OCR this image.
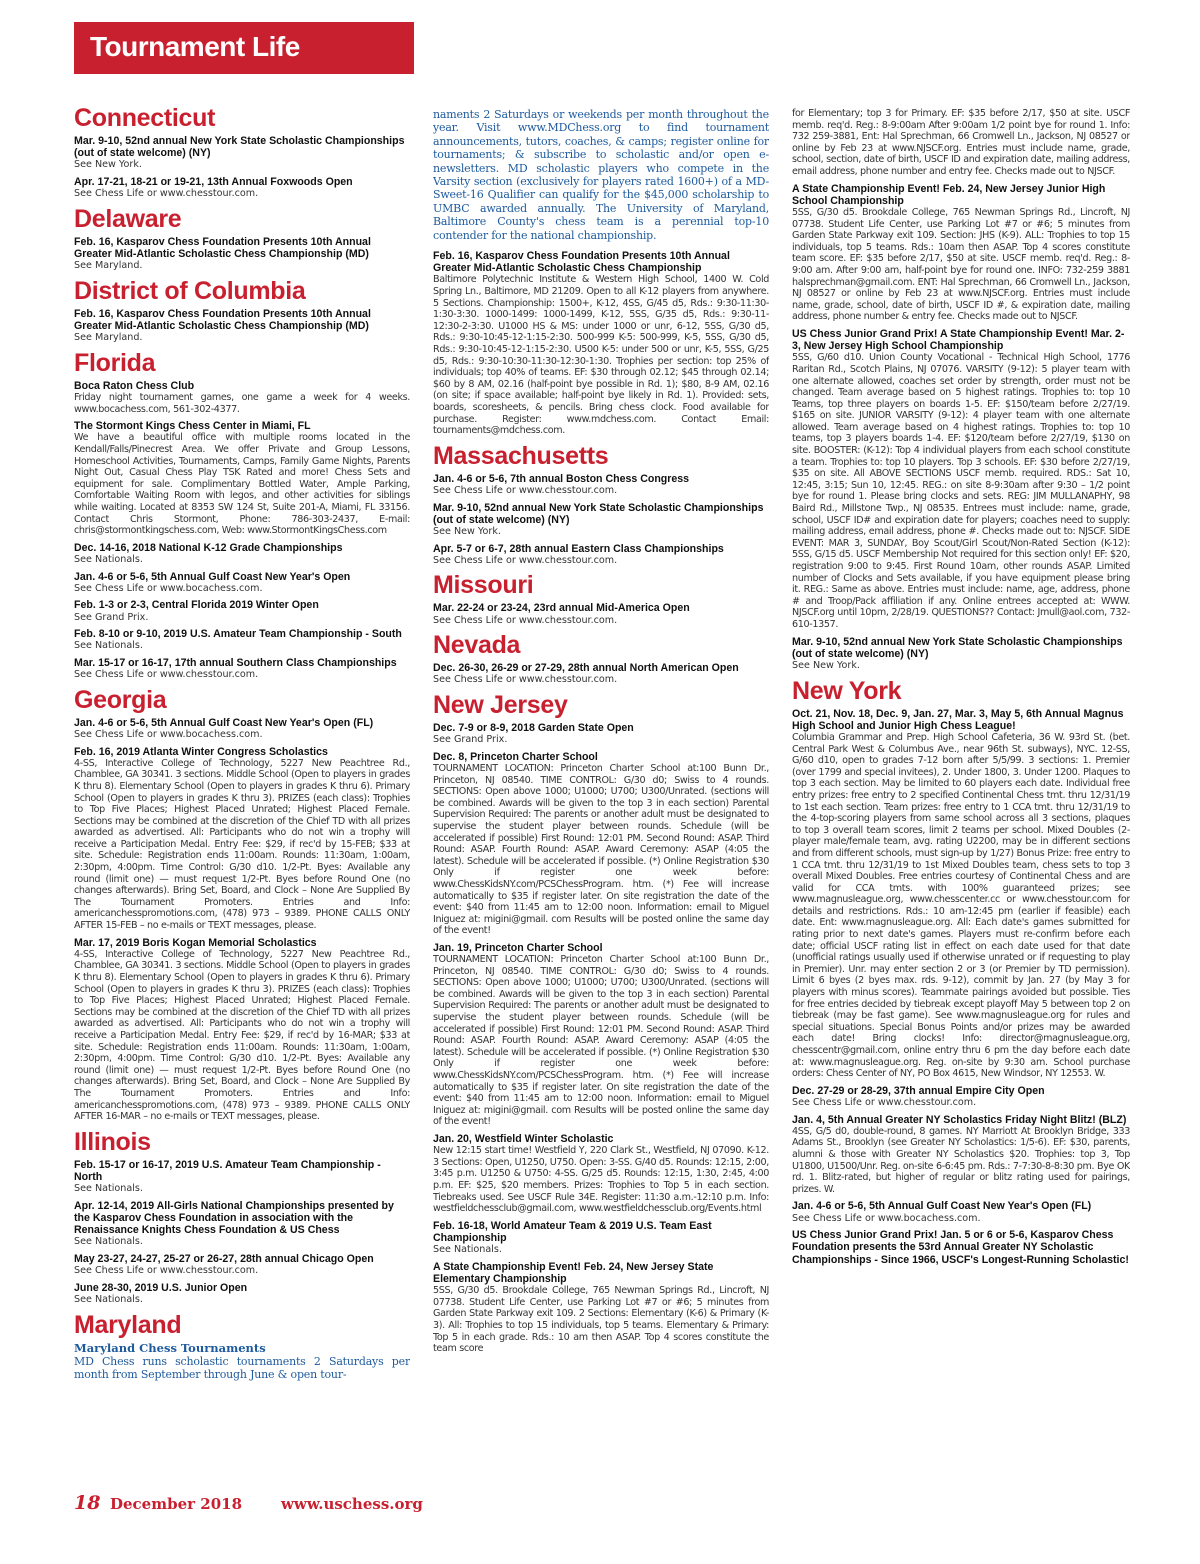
Tournament Life
Connecticut
Mar. 9-10, 52nd annual New York State Scholastic Championships (out of state welcome) (NY)
See New York.
Apr. 17-21, 18-21 or 19-21, 13th Annual Foxwoods Open
See Chess Life or www.chesstour.com.
Delaware
Feb. 16, Kasparov Chess Foundation Presents 10th Annual Greater Mid-Atlantic Scholastic Chess Championship (MD)
See Maryland.
District of Columbia
Feb. 16, Kasparov Chess Foundation Presents 10th Annual Greater Mid-Atlantic Scholastic Chess Championship (MD)
See Maryland.
Florida
Boca Raton Chess Club
Friday night tournament games, one game a week for 4 weeks. www.bocachess.com, 561-302-4377.
The Stormont Kings Chess Center in Miami, FL
We have a beautiful office with multiple rooms located in the Kendall/Falls/Pinecrest Area. We offer Private and Group Lessons, Homeschool Activities, Tournaments, Camps, Family Game Nights, Parents Night Out, Casual Chess Play TSK Rated and more! Chess Sets and equipment for sale. Complimentary Bottled Water, Ample Parking, Comfortable Waiting Room with legos, and other activities for siblings while waiting. Located at 8353 SW 124 St, Suite 201-A, Miami, FL 33156. Contact Chris Stormont, Phone: 786-303-2437, E-mail: chris@stormontkingschess.com, Web: www.StormontKingsChess.com
Dec. 14-16, 2018 National K-12 Grade Championships
See Nationals.
Jan. 4-6 or 5-6, 5th Annual Gulf Coast New Year's Open
See Chess Life or www.bocachess.com.
Feb. 1-3 or 2-3, Central Florida 2019 Winter Open
See Grand Prix.
Feb. 8-10 or 9-10, 2019 U.S. Amateur Team Championship - South
See Nationals.
Mar. 15-17 or 16-17, 17th annual Southern Class Championships
See Chess Life or www.chesstour.com.
Georgia
Jan. 4-6 or 5-6, 5th Annual Gulf Coast New Year's Open (FL)
See Chess Life or www.bocachess.com.
Feb. 16, 2019 Atlanta Winter Congress Scholastics
4-SS, Interactive College of Technology, 5227 New Peachtree Rd., Chamblee, GA 30341. 3 sections. Middle School (Open to players in grades K thru 8). Elementary School (Open to players in grades K thru 6). Primary School (Open to players in grades K thru 3). PRIZES (each class): Trophies to Top Five Places; Highest Placed Unrated; Highest Placed Female. Sections may be combined at the discretion of the Chief TD with all prizes awarded as advertised. All: Participants who do not win a trophy will receive a Participation Medal. Entry Fee: $29, if rec'd by 15-FEB; $33 at site. Schedule: Registration ends 11:00am. Rounds: 11:30am, 1:00am, 2:30pm, 4:00pm. Time Control: G/30 d10. 1/2-Pt. Byes: Available any round (limit one) — must request 1/2-Pt. Byes before Round One (no changes afterwards). Bring Set, Board, and Clock – None Are Supplied By The Tournament Promoters. Entries and Info: americanchesspromotions.com, (478) 973 – 9389. PHONE CALLS ONLY AFTER 15-FEB – no e-mails or TEXT messages, please.
Mar. 17, 2019 Boris Kogan Memorial Scholastics
4-SS, Interactive College of Technology, 5227 New Peachtree Rd., Chamblee, GA 30341. 3 sections. Middle School (Open to players in grades K thru 8). Elementary School (Open to players in grades K thru 6). Primary School (Open to players in grades K thru 3). PRIZES (each class): Trophies to Top Five Places; Highest Placed Unrated; Highest Placed Female. Sections may be combined at the discretion of the Chief TD with all prizes awarded as advertised. All: Participants who do not win a trophy will receive a Participation Medal. Entry Fee: $29, if rec'd by 16-MAR; $33 at site. Schedule: Registration ends 11:00am. Rounds: 11:30am, 1:00am, 2:30pm, 4:00pm. Time Control: G/30 d10. 1/2-Pt. Byes: Available any round (limit one) — must request 1/2-Pt. Byes before Round One (no changes afterwards). Bring Set, Board, and Clock – None Are Supplied By The Tournament Promoters. Entries and Info: americanchesspromotions.com, (478) 973 – 9389. PHONE CALLS ONLY AFTER 16-MAR – no e-mails or TEXT messages, please.
Illinois
Feb. 15-17 or 16-17, 2019 U.S. Amateur Team Championship - North
See Nationals.
Apr. 12-14, 2019 All-Girls National Championships presented by the Kasparov Chess Foundation in association with the Renaissance Knights Chess Foundation & US Chess
See Nationals.
May 23-27, 24-27, 25-27 or 26-27, 28th annual Chicago Open
See Chess Life or www.chesstour.com.
June 28-30, 2019 U.S. Junior Open
See Nationals.
Maryland
Maryland Chess Tournaments
MD Chess runs scholastic tournaments 2 Saturdays per month from September through June & open tour-
naments 2 Saturdays or weekends per month throughout the year. Visit www.MDChess.org to find tournament announcements, tutors, coaches, & camps; register online for tournaments; & subscribe to scholastic and/or open e-newsletters. MD scholastic players who compete in the Varsity section (exclusively for players rated 1600+) of a MD-Sweet-16 Qualifier can qualify for the $45,000 scholarship to UMBC awarded annually. The University of Maryland, Baltimore County's chess team is a perennial top-10 contender for the national championship.
Feb. 16, Kasparov Chess Foundation Presents 10th Annual Greater Mid-Atlantic Scholastic Chess Championship
Baltimore Polytechnic Institute & Western High School, 1400 W. Cold Spring Ln., Baltimore, MD 21209. Open to all K-12 players from anywhere. 5 Sections. Championship: 1500+, K-12, 4SS, G/45 d5, Rds.: 9:30-11:30-1:30-3:30. 1000-1499: 1000-1499, K-12, 5SS, G/35 d5, Rds.: 9:30-11-12:30-2-3:30. U1000 HS & MS: under 1000 or unr, 6-12, 5SS, G/30 d5, Rds.: 9:30-10:45-12-1:15-2:30. 500-999 K-5: 500-999, K-5, 5SS, G/30 d5, Rds.: 9:30-10:45-12-1:15-2:30. U500 K-5: under 500 or unr, K-5, 5SS, G/25 d5, Rds.: 9:30-10:30-11:30-12:30-1:30. Trophies per section: top 25% of individuals; top 40% of teams. EF: $30 through 02.12; $45 through 02.14; $60 by 8 AM, 02.16 (half-point bye possible in Rd. 1); $80, 8-9 AM, 02.16 (on site; if space available; half-point bye likely in Rd. 1). Provided: sets, boards, scoresheets, & pencils. Bring chess clock. Food available for purchase. Register: www.mdchess.com. Contact Email: tournaments@mdchess.com.
Massachusetts
Jan. 4-6 or 5-6, 7th annual Boston Chess Congress
See Chess Life or www.chesstour.com.
Mar. 9-10, 52nd annual New York State Scholastic Championships (out of state welcome) (NY)
See New York.
Apr. 5-7 or 6-7, 28th annual Eastern Class Championships
See Chess Life or www.chesstour.com.
Missouri
Mar. 22-24 or 23-24, 23rd annual Mid-America Open
See Chess Life or www.chesstour.com.
Nevada
Dec. 26-30, 26-29 or 27-29, 28th annual North American Open
See Chess Life or www.chesstour.com.
New Jersey
Dec. 7-9 or 8-9, 2018 Garden State Open
See Grand Prix.
Dec. 8, Princeton Charter School
TOURNAMENT LOCATION: Princeton Charter School at:100 Bunn Dr., Princeton, NJ 08540. TIME CONTROL: G/30 d0; Swiss to 4 rounds. SECTIONS: Open above 1000; U1000; U700; U300/Unrated. (sections will be combined. Awards will be given to the top 3 in each section) Parental Supervision Required: The parents or another adult must be designated to supervise the student player between rounds. Schedule (will be accelerated if possible) First Round: 12:01 PM. Second Round: ASAP. Third Round: ASAP. Fourth Round: ASAP. Award Ceremony: ASAP (4:05 the latest). Schedule will be accelerated if possible. (*) Online Registration $30 Only if register one week before: www.ChessKidsNY.com/PCSChessProgram. htm. (*) Fee will increase automatically to $35 if register later. On site registration the date of the event: $40 from 11:45 am to 12:00 noon. Information: email to Miguel Iniguez at: migini@gmail. com Results will be posted online the same day of the event!
Jan. 19, Princeton Charter School
TOURNAMENT LOCATION: Princeton Charter School at:100 Bunn Dr., Princeton, NJ 08540. TIME CONTROL: G/30 d0; Swiss to 4 rounds. SECTIONS: Open above 1000; U1000; U700; U300/Unrated. (sections will be combined. Awards will be given to the top 3 in each section) Parental Supervision Required: The parents or another adult must be designated to supervise the student player between rounds. Schedule (will be accelerated if possible) First Round: 12:01 PM. Second Round: ASAP. Third Round: ASAP. Fourth Round: ASAP. Award Ceremony: ASAP (4:05 the latest). Schedule will be accelerated if possible. (*) Online Registration $30 Only if register one week before: www.ChessKidsNY.com/PCSChessProgram. htm. (*) Fee will increase automatically to $35 if register later. On site registration the date of the event: $40 from 11:45 am to 12:00 noon. Information: email to Miguel Iniguez at: migini@gmail. com Results will be posted online the same day of the event!
Jan. 20, Westfield Winter Scholastic
New 12:15 start time! Westfield Y, 220 Clark St., Westfield, NJ 07090. K-12. 3 Sections: Open, U1250, U750. Open: 3-SS. G/40 d5. Rounds: 12:15, 2:00, 3:45 p.m. U1250 & U750: 4-SS. G/25 d5. Rounds: 12:15, 1:30, 2:45, 4:00 p.m. EF: $25, $20 members. Prizes: Trophies to Top 5 in each section. Tiebreaks used. See USCF Rule 34E. Register: 11:30 a.m.-12:10 p.m. Info: westfieldchessclub@gmail.com, www.westfieldchessclub.org/Events.html
Feb. 16-18, World Amateur Team & 2019 U.S. Team East Championship
See Nationals.
A State Championship Event! Feb. 24, New Jersey State Elementary Championship
5SS, G/30 d5. Brookdale College, 765 Newman Springs Rd., Lincroft, NJ 07738. Student Life Center, use Parking Lot #7 or #6; 5 minutes from Garden State Parkway exit 109. 2 Sections: Elementary (K-6) & Primary (K-3). All: Trophies to top 15 individuals, top 5 teams. Elementary & Primary: Top 5 in each grade. Rds.: 10 am then ASAP. Top 4 scores constitute the team score
for Elementary; top 3 for Primary. EF: $35 before 2/17, $50 at site. USCF memb. req'd. Reg.: 8-9:00am After 9:00am 1/2 point bye for round 1. Info: 732 259-3881, Ent: Hal Sprechman, 66 Cromwell Ln., Jackson, NJ 08527 or online by Feb 23 at www.NJSCF.org. Entries must include name, grade, school, section, date of birth, USCF ID and expiration date, mailing address, email address, phone number and entry fee. Checks made out to NJSCF.
A State Championship Event! Feb. 24, New Jersey Junior High School Championship
5SS, G/30 d5. Brookdale College, 765 Newman Springs Rd., Lincroft, NJ 07738. Student Life Center, use Parking Lot #7 or #6; 5 minutes from Garden State Parkway exit 109. Section: JHS (K-9). ALL: Trophies to top 15 individuals, top 5 teams. Rds.: 10am then ASAP. Top 4 scores constitute team score. EF: $35 before 2/17, $50 at site. USCF memb. req'd. Reg.: 8-9:00 am. After 9:00 am, half-point bye for round one. INFO: 732-259 3881 halsprechman@gmail.com. ENT: Hal Sprechman, 66 Cromwell Ln., Jackson, NJ 08527 or online by Feb 23 at www.NJSCF.org. Entries must include name, grade, school, date of birth, USCF ID #, & expiration date, mailing address, phone number & entry fee. Checks made out to NJSCF.
US Chess Junior Grand Prix! A State Championship Event! Mar. 2-3, New Jersey High School Championship
5SS, G/60 d10. Union County Vocational - Technical High School, 1776 Raritan Rd., Scotch Plains, NJ 07076. VARSITY (9-12): 5 player team with one alternate allowed, coaches set order by strength, order must not be changed. Team average based on 5 highest ratings. Trophies to: top 10 Teams, top three players on boards 1-5. EF: $150/team before 2/27/19. $165 on site. JUNIOR VARSITY (9-12): 4 player team with one alternate allowed. Team average based on 4 highest ratings. Trophies to: top 10 teams, top 3 players boards 1-4. EF: $120/team before 2/27/19, $130 on site. BOOSTER: (K-12): Top 4 individual players from each school constitute a team. Trophies to: top 10 players. Top 3 schools. EF: $30 before 2/27/19, $35 on site. All ABOVE SECTIONS USCF memb. required. RDS.: Sat 10, 12:45, 3:15; Sun 10, 12:45. REG.: on site 8-9:30am after 9:30 – 1/2 point bye for round 1. Please bring clocks and sets. REG: JIM MULLANAPHY, 98 Baird Rd., Millstone Twp., NJ 08535. Entrees must include: name, grade, school, USCF ID# and expiration date for players; coaches need to supply: mailing address, email address, phone #. Checks made out to: NJSCF. SIDE EVENT: MAR 3, SUNDAY, Boy Scout/Girl Scout/Non-Rated Section (K-12): 5SS, G/15 d5. USCF Membership Not required for this section only! EF: $20, registration 9:00 to 9:45. First Round 10am, other rounds ASAP. Limited number of Clocks and Sets available, if you have equipment please bring it. REG.: Same as above. Entries must include: name, age, address, phone # and Troop/Pack affiliation if any. Online entrees accepted at: WWW. NJSCF.org until 10pm, 2/28/19. QUESTIONS?? Contact: Jmull@aol.com, 732-610-1357.
Mar. 9-10, 52nd annual New York State Scholastic Championships (out of state welcome) (NY)
See New York.
New York
Oct. 21, Nov. 18, Dec. 9, Jan. 27, Mar. 3, May 5, 6th Annual Magnus High School and Junior High Chess League!
Columbia Grammar and Prep. High School Cafeteria, 36 W. 93rd St. (bet. Central Park West & Columbus Ave., near 96th St. subways), NYC. 12-SS, G/60 d10, open to grades 7-12 born after 5/5/99. 3 sections: 1. Premier (over 1799 and special invitees), 2. Under 1800, 3. Under 1200. Plaques to top 3 each section. May be limited to 60 players each date. Individual free entry prizes: free entry to 2 specified Continental Chess tmt. thru 12/31/19 to 1st each section. Team prizes: free entry to 1 CCA tmt. thru 12/31/19 to the 4-top-scoring players from same school across all 3 sections, plaques to top 3 overall team scores, limit 2 teams per school. Mixed Doubles (2-player male/female team, avg. rating U2200, may be in different sections and from different schools, must sign-up by 1/27) Bonus Prize: free entry to 1 CCA tmt. thru 12/31/19 to 1st Mixed Doubles team, chess sets to top 3 overall Mixed Doubles. Free entries courtesy of Continental Chess and are valid for CCA tmts. with 100% guaranteed prizes; see www.magnusleague.org, www.chesscenter.cc or www.chesstour.com for details and restrictions. Rds.: 10 am-12:45 pm (earlier if feasible) each date. Ent: www.magnusleague.org. All: Each date's games submitted for rating prior to next date's games. Players must re-confirm before each date; official USCF rating list in effect on each date used for that date (unofficial ratings usually used if otherwise unrated or if requesting to play in Premier). Unr. may enter section 2 or 3 (or Premier by TD permission). Limit 6 byes (2 byes max. rds. 9-12), commit by Jan. 27 (by May 3 for players with minus scores). Teammate pairings avoided but possible. Ties for free entries decided by tiebreak except playoff May 5 between top 2 on tiebreak (may be fast game). See www.magnusleague.org for rules and special situations. Special Bonus Points and/or prizes may be awarded each date! Bring clocks! Info: director@magnusleague.org, chesscentr@gmail.com, online entry thru 6 pm the day before each date at: www.magnusleague.org. Reg. on-site by 9:30 am. School purchase orders: Chess Center of NY, PO Box 4615, New Windsor, NY 12553. W.
Dec. 27-29 or 28-29, 37th annual Empire City Open
See Chess Life or www.chesstour.com.
Jan. 4, 5th Annual Greater NY Scholastics Friday Night Blitz! (BLZ)
4SS, G/5 d0, double-round, 8 games. NY Marriott At Brooklyn Bridge, 333 Adams St., Brooklyn (see Greater NY Scholastics: 1/5-6). EF: $30, parents, alumni & those with Greater NY Scholastics $20. Trophies: top 3, Top U1800, U1500/Unr. Reg. on-site 6-6:45 pm. Rds.: 7-7:30-8-8:30 pm. Bye OK rd. 1. Blitz-rated, but higher of regular or blitz rating used for pairings, prizes. W.
Jan. 4-6 or 5-6, 5th Annual Gulf Coast New Year's Open (FL)
See Chess Life or www.bocachess.com.
US Chess Junior Grand Prix! Jan. 5 or 6 or 5-6, Kasparov Chess Foundation presents the 53rd Annual Greater NY Scholastic Championships - Since 1966, USCF's Longest-Running Scholastic!
18 December 2018	www.uschess.org
